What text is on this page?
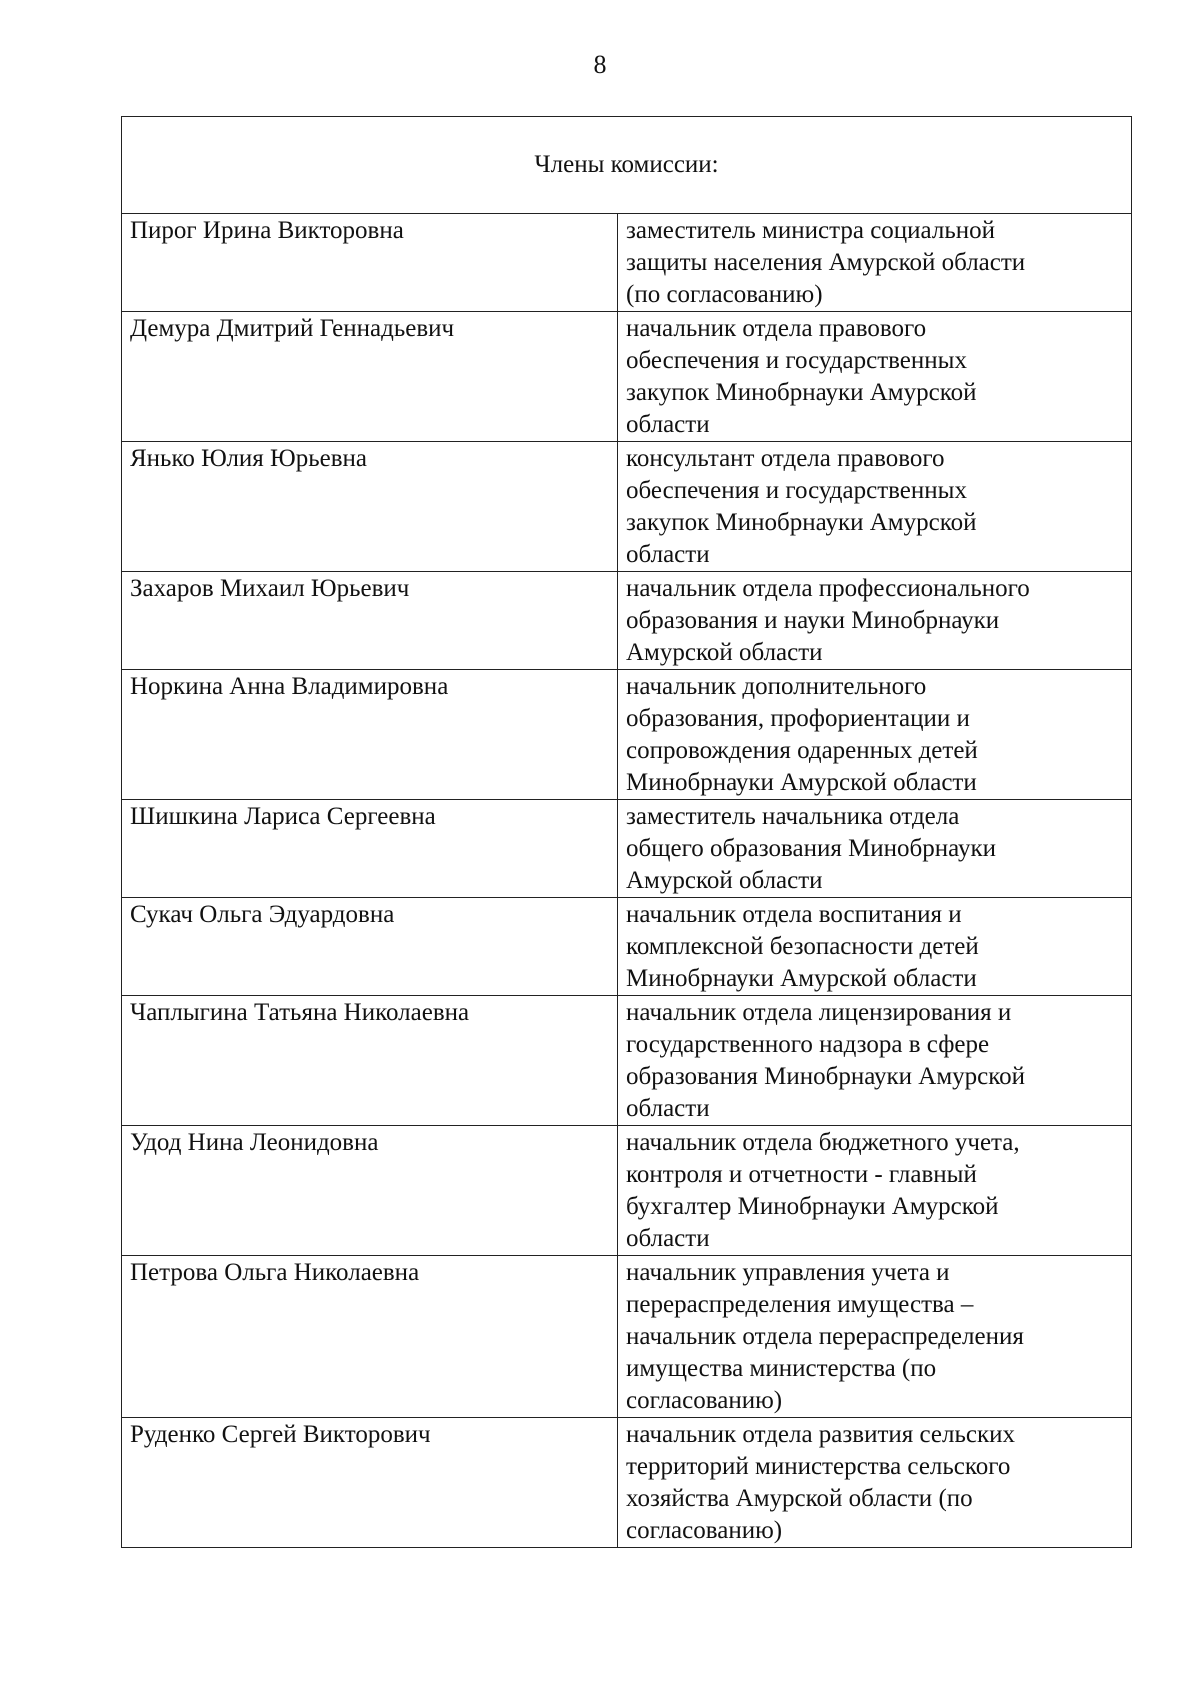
8
Члены комиссии:	
Пирог Ирина Викторовна	заместитель министра социальной
защиты населения Амурской области
(по согласованию)

Демура Дмитрий Геннадьевич	начальник отдела правового
обеспечения и государственных
закупок Минобрнауки Амурской
области

Янько Юлия Юрьевна	консультант отдела правового
обеспечения и государственных
закупок Минобрнауки Амурской
области

Захаров Михаил Юрьевич	начальник отдела профессионального
образования и науки Минобрнауки
Амурской области

Норкина Анна Владимировна	начальник дополнительного
образования, профориентации и
сопровождения одаренных детей
Минобрнауки Амурской области

Шишкина Лариса Сергеевна	заместитель начальника отдела
общего образования Минобрнауки
Амурской области

Сукач Ольга Эдуардовна	начальник отдела воспитания и
комплексной безопасности детей
Минобрнауки Амурской области

Чаплыгина Татьяна Николаевна	начальник отдела лицензирования и
государственного надзора в сфере
образования Минобрнауки Амурской
области

Удод Нина Леонидовна	начальник отдела бюджетного учета,
контроля и отчетности - главный
бухгалтер Минобрнауки Амурской
области

Петрова Ольга Николаевна	начальник управления учета и
перераспределения имущества –
начальник отдела перераспределения
имущества министерства (по
согласованию)

Руденко Сергей Викторович	начальник отдела развития сельских
территорий министерства сельского
хозяйства Амурской области (по
согласованию)
